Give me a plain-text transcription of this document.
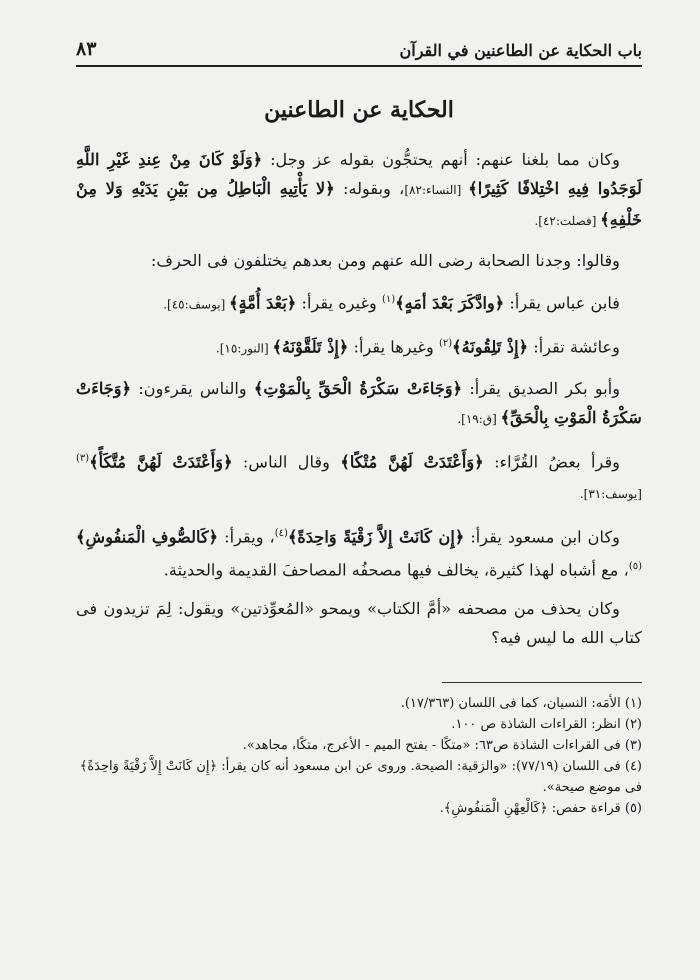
باب الحكاية عن الطاعنين في القرآن
٨٣
الحكاية عن الطاعنين

وكان مما بلغنا عنهم: أنهم يحتجُّون بقوله عز وجل: ﴿وَلَوْ كَانَ مِنْ عِندِ غَيْرِ اللَّهِ لَوَجَدُوا فِيهِ اخْتِلافًا كَثِيرًا﴾ [النساء:٨٢]، وبقوله: ﴿لا يَأْتِيهِ الْبَاطِلُ مِن بَيْنِ يَدَيْهِ وَلا مِنْ خَلْفِهِ﴾ [فصلت:٤٢].

وقالوا: وجدنا الصحابة رضى الله عنهم ومن بعدهم يختلفون فى الحرف:

فابن عباس يقرأ: ﴿وادَّكَرَ بَعْدَ أمَهٍ﴾$^{(١)}$ وغيره يقرأ: ﴿بَعْدَ أُمَّةٍ﴾ [يوسف:٤٥].

وعائشة تقرأ: ﴿إِذْ تَلِقُونَهُ﴾$^{(٢)}$ وغيرها يقرأ: ﴿إِذْ تَلَقَّوْنَهُ﴾ [النور:١٥].

وأبو بكر الصديق يقرأ: ﴿وَجَاءَتْ سَكْرَةُ الْحَقِّ بِالْمَوْتِ﴾ والناس يقرءون: ﴿وَجَاءَتْ سَكْرَةُ الْمَوْتِ بِالْحَقِّ﴾ [ق:١٩].

وقرأ بعضُ القُرَّاء: ﴿وَأَعْتَدَتْ لَهُنَّ مُتْكًا﴾ وقال الناس: ﴿وَأَعْتَدَتْ لَهُنَّ مُتَّكَأً﴾$^{(٣)}$ [يوسف:٣١].

وكان ابن مسعود يقرأ: ﴿إِن كَانَتْ إِلاَّ زَقْيَةً وَاحِدَةً﴾$^{(٤)}$، ويقرأ: ﴿كَالصُّوفِ الْمَنفُوشِ﴾$^{(٥)}$، مع أشباه لهذا كثيرة، يخالف فيها مصحفُه المصاحفَ القديمة والحديثة.

وكان يحذف من مصحفه «أمَّ الكتاب» ويمحو «المُعوِّذتين» ويقول: لِمَ تزيدون فى كتاب الله ما ليس فيه؟

(١) الأمَه: النسيان، كما فى اللسان (١٧/٣٦٣).
(٢) انظر: القراءات الشاذة ص ١٠٠.
(٣) فى القراءات الشاذة ص٦٣: «متكًا - بفتح الميم - الأعرج، متكًا، مجاهد».
(٤) فى اللسان (٧٧/١٩): «والزقية: الصيحة. وروى عن ابن مسعود أنه كان يقرأ: ﴿إِن كَانَتْ إِلاَّ زَقْيَةً وَاحِدَةً﴾ فى موضع صيحة».
(٥) قراءة حفص: ﴿كَالْعِهْنِ الْمَنفُوشِ﴾.
